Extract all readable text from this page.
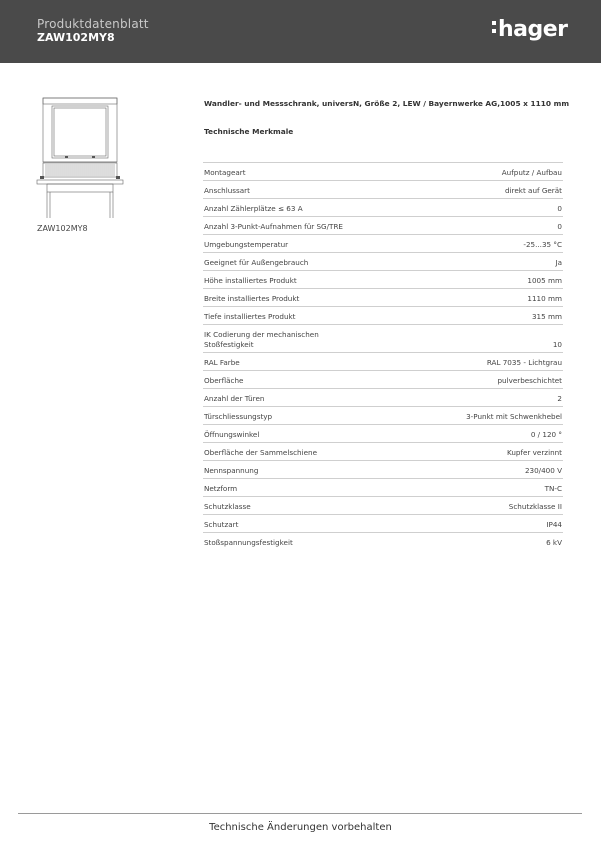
Produktdatenblatt
ZAW102MY8	hager
ZAW102MY8
Wandler- und Messschrank, universN, Größe 2, LEW / Bayernwerke AG,1005 x 1110 mm
Technische Merkmale
Montageart	Aufputz / Aufbau
Anschlussart	direkt auf Gerät
Anzahl Zählerplätze ≤ 63 A	0
Anzahl 3-Punkt-Aufnahmen für SG/TRE	0
Umgebungstemperatur	-25...35 °C
Geeignet für Außengebrauch	Ja
Höhe installiertes Produkt	1005 mm
Breite installiertes Produkt	1110 mm
Tiefe installiertes Produkt	315 mm
IK Codierung der mechanischen Stoßfestigkeit	10
RAL Farbe	RAL 7035 - Lichtgrau
Oberfläche	pulverbeschichtet
Anzahl der Türen	2
Türschliessungstyp	3-Punkt mit Schwenkhebel
Öffnungswinkel	0 / 120 °
Oberfläche der Sammelschiene	Kupfer verzinnt
Nennspannung	230/400 V
Netzform	TN-C
Schutzklasse	Schutzklasse II
Schutzart	IP44
Stoßspannungsfestigkeit	6 kV
Technische Änderungen vorbehalten
